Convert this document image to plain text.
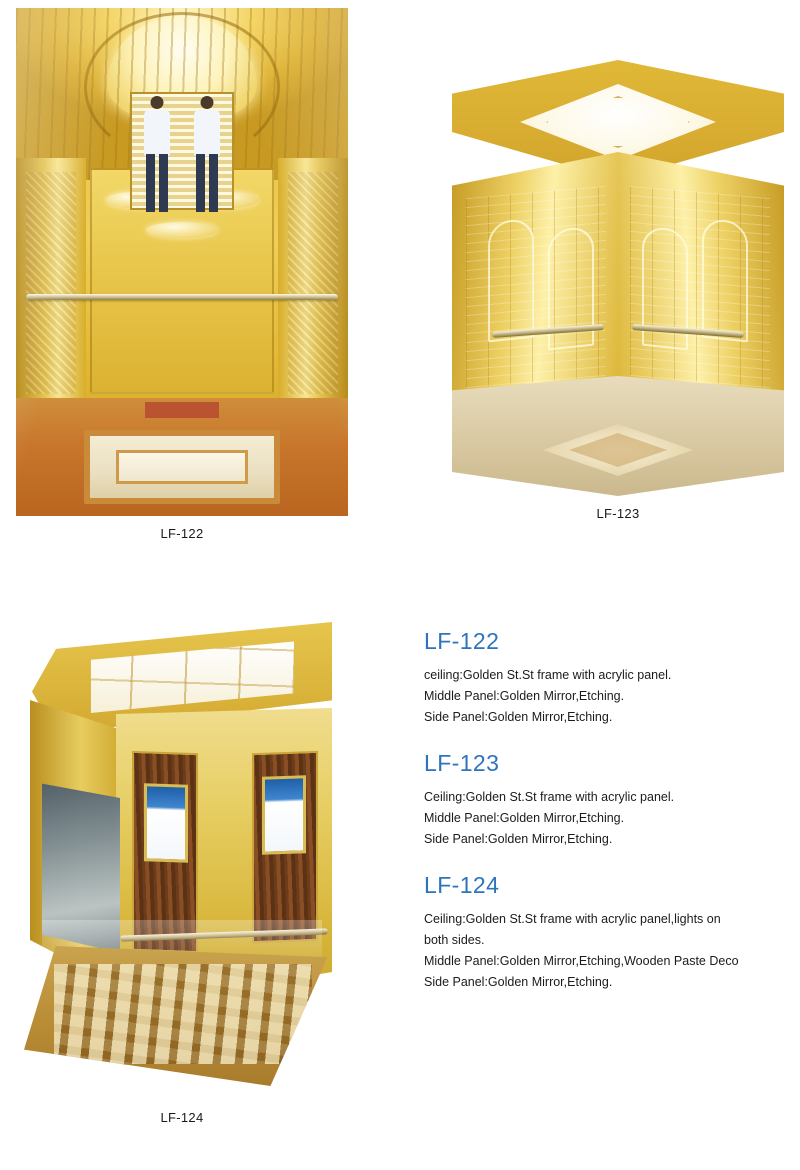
LF-122
LF-123
LF-124
LF-122

ceiling:Golden St.St frame with acrylic panel.

Middle Panel:Golden Mirror,Etching.

Side Panel:Golden Mirror,Etching.

LF-123

Ceiling:Golden St.St frame with acrylic panel.

Middle Panel:Golden Mirror,Etching.

Side Panel:Golden Mirror,Etching.

LF-124

Ceiling:Golden St.St frame with acrylic panel,lights on

both sides.

Middle Panel:Golden Mirror,Etching,Wooden Paste Deco

Side Panel:Golden Mirror,Etching.
